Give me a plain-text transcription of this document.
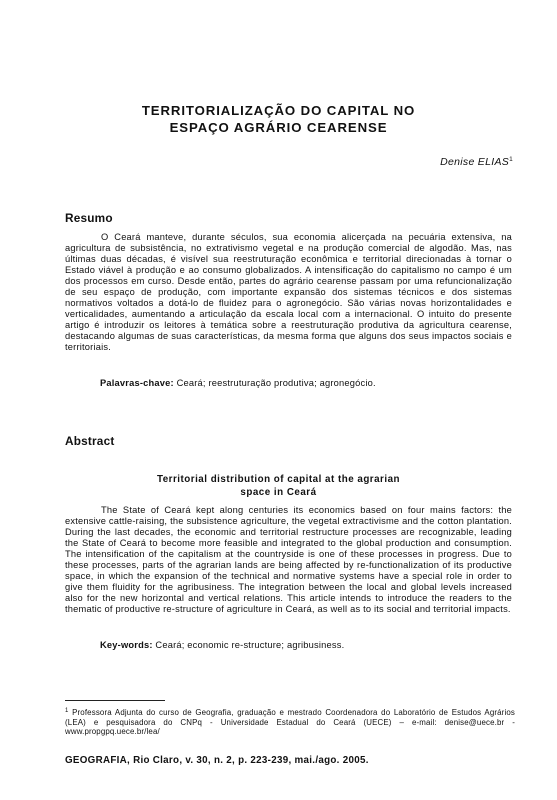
TERRITORIALIZAÇÃO DO CAPITAL NO
ESPAÇO AGRÁRIO CEARENSE
Denise ELIAS$^1$
Resumo

O Ceará manteve, durante séculos, sua economia alicerçada na pecuária extensiva, na agricultura de subsistência, no extrativismo vegetal e na produção comercial de algodão. Mas, nas últimas duas décadas, é visível sua reestruturação econômica e territorial direcionadas à tornar o Estado viável à produção e ao consumo globalizados. A intensificação do capitalismo no campo é um dos processos em curso. Desde então, partes do agrário cearense passam por uma refuncionalização de seu espaço de produção, com importante expansão dos sistemas técnicos e dos sistemas normativos voltados a dotá-lo de fluidez para o agronegócio. São várias novas horizontalidades e verticalidades, aumentando a articulação da escala local com a internacional. O intuito do presente artigo é introduzir os leitores à temática sobre a reestruturação produtiva da agricultura cearense, destacando algumas de suas características, da mesma forma que alguns dos seus impactos sociais e territoriais.

Palavras-chave: Ceará; reestruturação produtiva; agronegócio.
Abstract
Territorial distribution of capital at the agrarian
space in Ceará

The State of Ceará kept along centuries its economics based on four mains factors: the extensive cattle-raising, the subsistence agriculture, the vegetal extractivisme and the cotton plantation. During the last decades, the economic and territorial restructure processes are recognizable, leading the State of Ceará to become more feasible and integrated to the global production and consumption. The intensification of the capitalism at the countryside is one of these processes in progress. Due to these processes, parts of the agrarian lands are being affected by re-functionalization of its productive space, in which the expansion of the technical and normative systems have a special role in order to give them fluidity for the agribusiness. The integration between the local and global levels increased also for the new horizontal and vertical relations. This article intends to introduce the readers to the thematic of productive re-structure of agriculture in Ceará, as well as to its social and territorial impacts.

Key-words: Ceará; economic re-structure; agribusiness.
$^1$ Professora Adjunta do curso de Geografia, graduação e mestrado Coordenadora do Laboratório de Estudos Agrários (LEA) e pesquisadora do CNPq - Universidade Estadual do Ceará (UECE) – e-mail: denise@uece.br - www.propgpq.uece.br/lea/
GEOGRAFIA, Rio Claro, v. 30, n. 2, p. 223-239, mai./ago. 2005.
